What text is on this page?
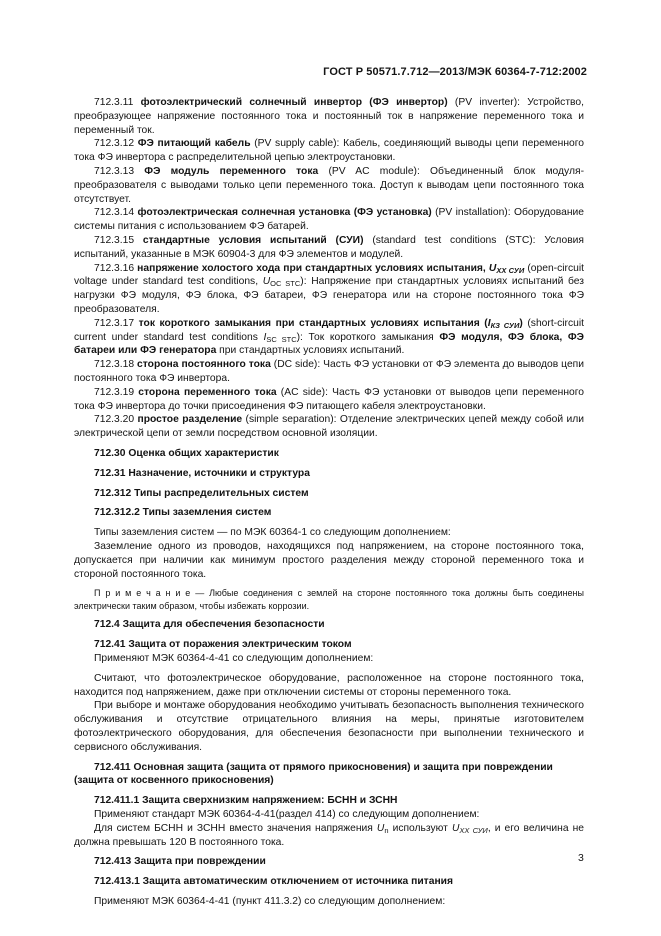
ГОСТ Р 50571.7.712—2013/МЭК 60364-7-712:2002

712.3.11 фотоэлектрический солнечный инвертор (ФЭ инвертор) (PV inverter): Устройство, преобразующее напряжение постоянного тока и постоянный ток в напряжение переменного тока и переменный ток.

712.3.12 ФЭ питающий кабель (PV supply cable): Кабель, соединяющий выводы цепи переменного тока ФЭ инвертора с распределительной цепью электроустановки.

712.3.13 ФЭ модуль переменного тока (PV AC module): Объединенный блок модуля-преобразователя с выводами только цепи переменного тока. Доступ к выводам цепи постоянного тока отсутствует.

712.3.14 фотоэлектрическая солнечная установка (ФЭ установка) (PV installation): Оборудование системы питания с использованием ФЭ батарей.

712.3.15 стандартные условия испытаний (СУИ) (standard test conditions (STC): Условия испытаний, указанные в МЭК 60904-3 для ФЭ элементов и модулей.

712.3.16 напряжение холостого хода при стандартных условиях испытания, $U_{ХХ СУИ}$ (open-circuit voltage under standard test conditions, $U_{OC STC}$): Напряжение при стандартных условиях испытаний без нагрузки ФЭ модуля, ФЭ блока, ФЭ батареи, ФЭ генератора или на стороне постоянного тока ФЭ преобразователя.

712.3.17 ток короткого замыкания при стандартных условиях испытания $(I_{КЗ СУИ})$ (short-circuit current under standard test conditions $I_{SC STC}$): Ток короткого замыкания ФЭ модуля, ФЭ блока, ФЭ батареи или ФЭ генератора при стандартных условиях испытаний.

712.3.18 сторона постоянного тока (DC side): Часть ФЭ установки от ФЭ элемента до выводов цепи постоянного тока ФЭ инвертора.

712.3.19 сторона переменного тока (AC side): Часть ФЭ установки от выводов цепи переменного тока ФЭ инвертора до точки присоединения ФЭ питающего кабеля электроустановки.

712.3.20 простое разделение (simple separation): Отделение электрических цепей между собой или электрической цепи от земли посредством основной изоляции.

712.30 Оценка общих характеристик

712.31 Назначение, источники и структура

712.312 Типы распределительных систем

712.312.2 Типы заземления систем

Типы заземления систем — по МЭК 60364-1 со следующим дополнением:

Заземление одного из проводов, находящихся под напряжением, на стороне постоянного тока, допускается при наличии как минимум простого разделения между стороной переменного тока и стороной постоянного тока.

П р и м е ч а н и е — Любые соединения с землей на стороне постоянного тока должны быть соединены электрически таким образом, чтобы избежать коррозии.

712.4 Защита для обеспечения безопасности

712.41 Защита от поражения электрическим током

Применяют МЭК 60364-4-41 со следующим дополнением:

Считают, что фотоэлектрическое оборудование, расположенное на стороне постоянного тока, находится под напряжением, даже при отключении системы от стороны переменного тока.

При выборе и монтаже оборудования необходимо учитывать безопасность выполнения технического обслуживания и отсутствие отрицательного влияния на меры, принятые изготовителем фотоэлектрического оборудования, для обеспечения безопасности при выполнении технического и сервисного обслуживания.

712.411 Основная защита (защита от прямого прикосновения) и защита при повреждении (защита от косвенного прикосновения)

712.411.1 Защита сверхнизким напряжением: БСНН и ЗСНН

Применяют стандарт МЭК 60364-4-41(раздел 414) со следующим дополнением:

Для систем БСНН и ЗСНН вместо значения напряжения $U_n$ используют $U_{ХХ СУИ}$, и его величина не должна превышать 120 В постоянного тока.

712.413 Защита при повреждении

712.413.1 Защита автоматическим отключением от источника питания

Применяют МЭК 60364-4-41 (пункт 411.3.2) со следующим дополнением:

3
